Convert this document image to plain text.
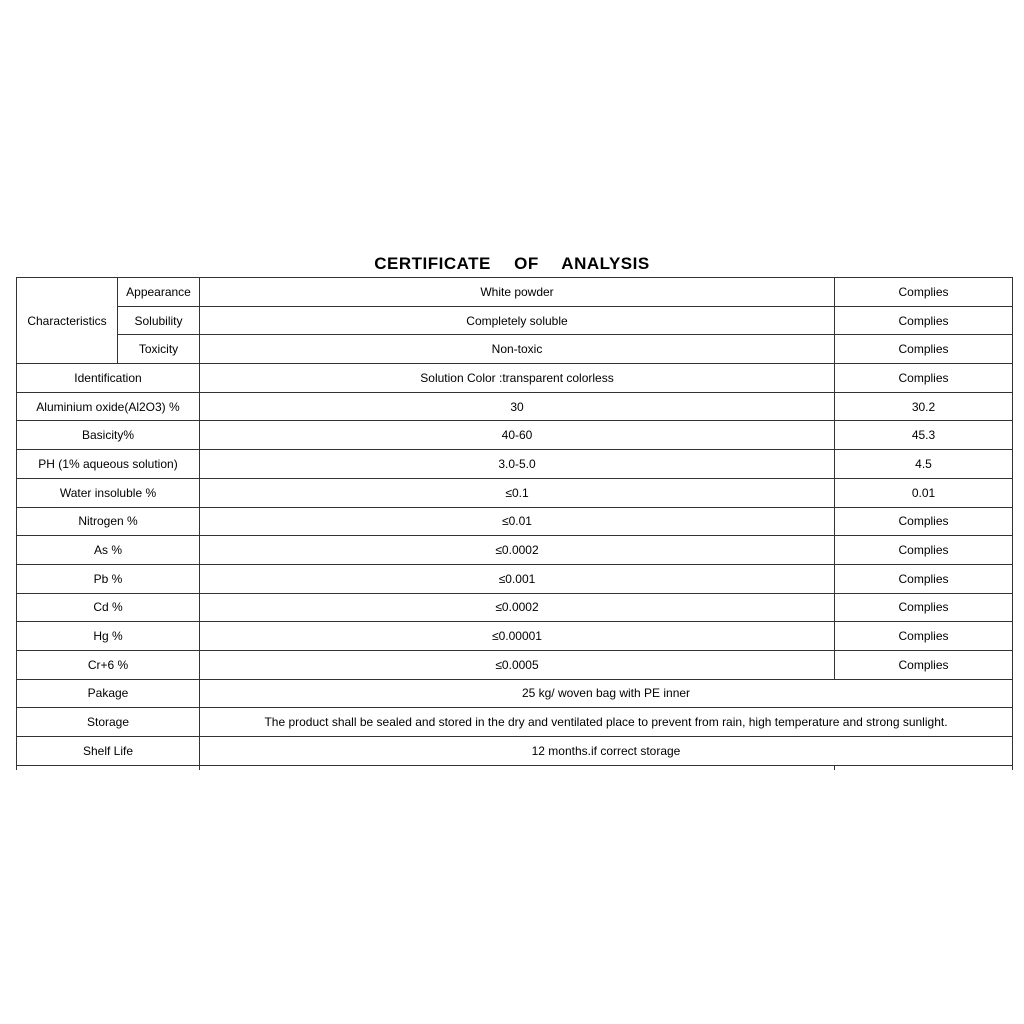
CERTIFICATE OF ANALYSIS
Characteristics	Appearance	White powder	Complies
	Solubility	Completely soluble	Complies
	Toxicity	Non-toxic	Complies
Identification		Solution Color :transparent colorless	Complies
Aluminium oxide(Al2O3) %		30	30.2
Basicity%		40-60	45.3
PH (1% aqueous solution)		3.0-5.0	4.5
Water insoluble %		≤0.1	0.01
Nitrogen %		≤0.01	Complies
As %		≤0.0002	Complies
Pb %		≤0.001	Complies
Cd %		≤0.0002	Complies
Hg %		≤0.00001	Complies
Cr+6 %		≤0.0005	Complies
Pakage		25 kg/ woven bag with PE inner	
Storage		The product shall be sealed and stored in the dry and ventilated place to prevent from rain, high temperature and strong sunlight.	
Shelf Life		12 months.if correct storage	
